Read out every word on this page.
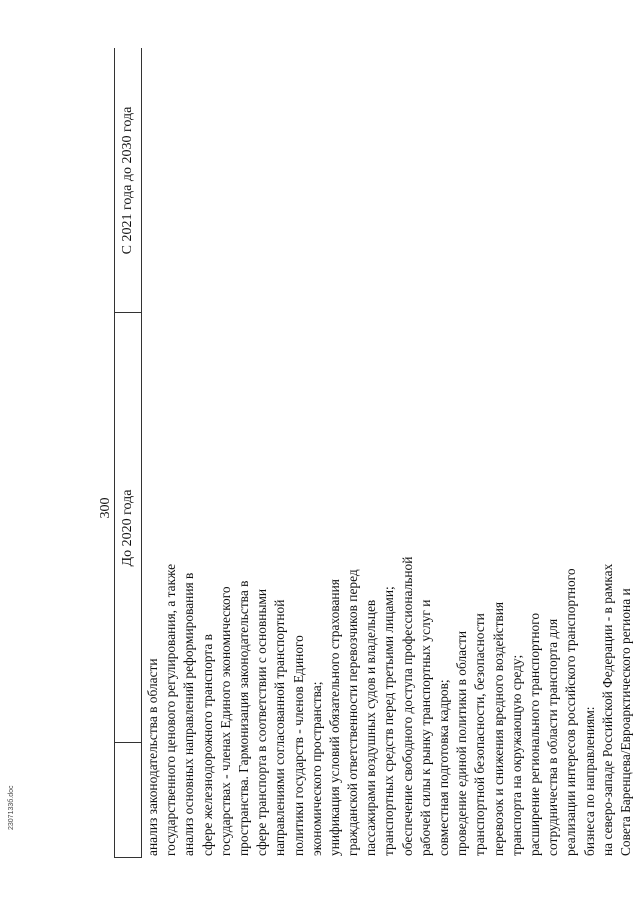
300 До 2020 года
С 2021 года до 2030 года
анализ законодательства в области государственного ценового регулирования, а также анализ основных направлений реформирования в сфере железнодорожного транспорта в государствах - членах Единого экономического пространства. Гармонизация законодательства в сфере транспорта в соответствии с основными направлениями согласованной транспортной политики государств - членов Единого экономического пространства; унификация условий обязательного страхования гражданской ответственности перевозчиков перед пассажирами воздушных судов и владельцев транспортных средств перед третьими лицами; обеспечение свободного доступа профессиональной рабочей силы к рынку транспортных услуг и совместная подготовка кадров; проведение единой политики в области транспортной безопасности, безопасности перевозок и снижения вредного воздействия транспорта на окружающую среду; расширение регионального транспортного сотрудничества в области транспорта для реализации интересов российского транспортного бизнеса по направлениям: на северо-западе Российской Федерации - в рамках Совета Баренцева/Евроарктического региона и
2307133б.doc
